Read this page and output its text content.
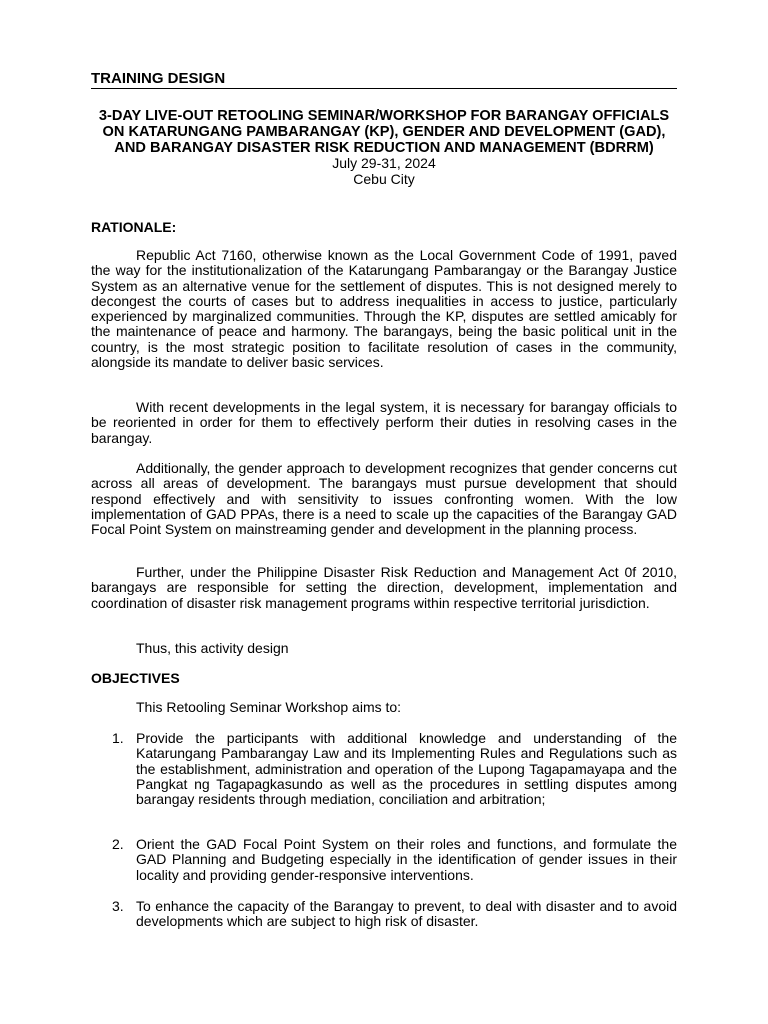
TRAINING DESIGN
3-DAY LIVE-OUT RETOOLING SEMINAR/WORKSHOP FOR BARANGAY OFFICIALS ON KATARUNGANG PAMBARANGAY (KP), GENDER AND DEVELOPMENT (GAD), AND BARANGAY DISASTER RISK REDUCTION AND MANAGEMENT (BDRRM)
July 29-31, 2024
Cebu City
RATIONALE:
Republic Act 7160, otherwise known as the Local Government Code of 1991, paved the way for the institutionalization of the Katarungang Pambarangay or the Barangay Justice System as an alternative venue for the settlement of disputes. This is not designed merely to decongest the courts of cases but to address inequalities in access to justice, particularly experienced by marginalized communities. Through the KP, disputes are settled amicably for the maintenance of peace and harmony. The barangays, being the basic political unit in the country, is the most strategic position to facilitate resolution of cases in the community, alongside its mandate to deliver basic services.
With recent developments in the legal system, it is necessary for barangay officials to be reoriented in order for them to effectively perform their duties in resolving cases in the barangay.
Additionally, the gender approach to development recognizes that gender concerns cut across all areas of development. The barangays must pursue development that should respond effectively and with sensitivity to issues confronting women. With the low implementation of GAD PPAs, there is a need to scale up the capacities of the Barangay GAD Focal Point System on mainstreaming gender and development in the planning process.
Further, under the Philippine Disaster Risk Reduction and Management Act 0f 2010, barangays are responsible for setting the direction, development, implementation and coordination of disaster risk management programs within respective territorial jurisdiction.
Thus, this activity design
OBJECTIVES
This Retooling Seminar Workshop aims to:
1. Provide the participants with additional knowledge and understanding of the Katarungang Pambarangay Law and its Implementing Rules and Regulations such as the establishment, administration and operation of the Lupong Tagapamayapa and the Pangkat ng Tagapagkasundo as well as the procedures in settling disputes among barangay residents through mediation, conciliation and arbitration;
2. Orient the GAD Focal Point System on their roles and functions, and formulate the GAD Planning and Budgeting especially in the identification of gender issues in their locality and providing gender-responsive interventions.
3. To enhance the capacity of the Barangay to prevent, to deal with disaster and to avoid developments which are subject to high risk of disaster.
